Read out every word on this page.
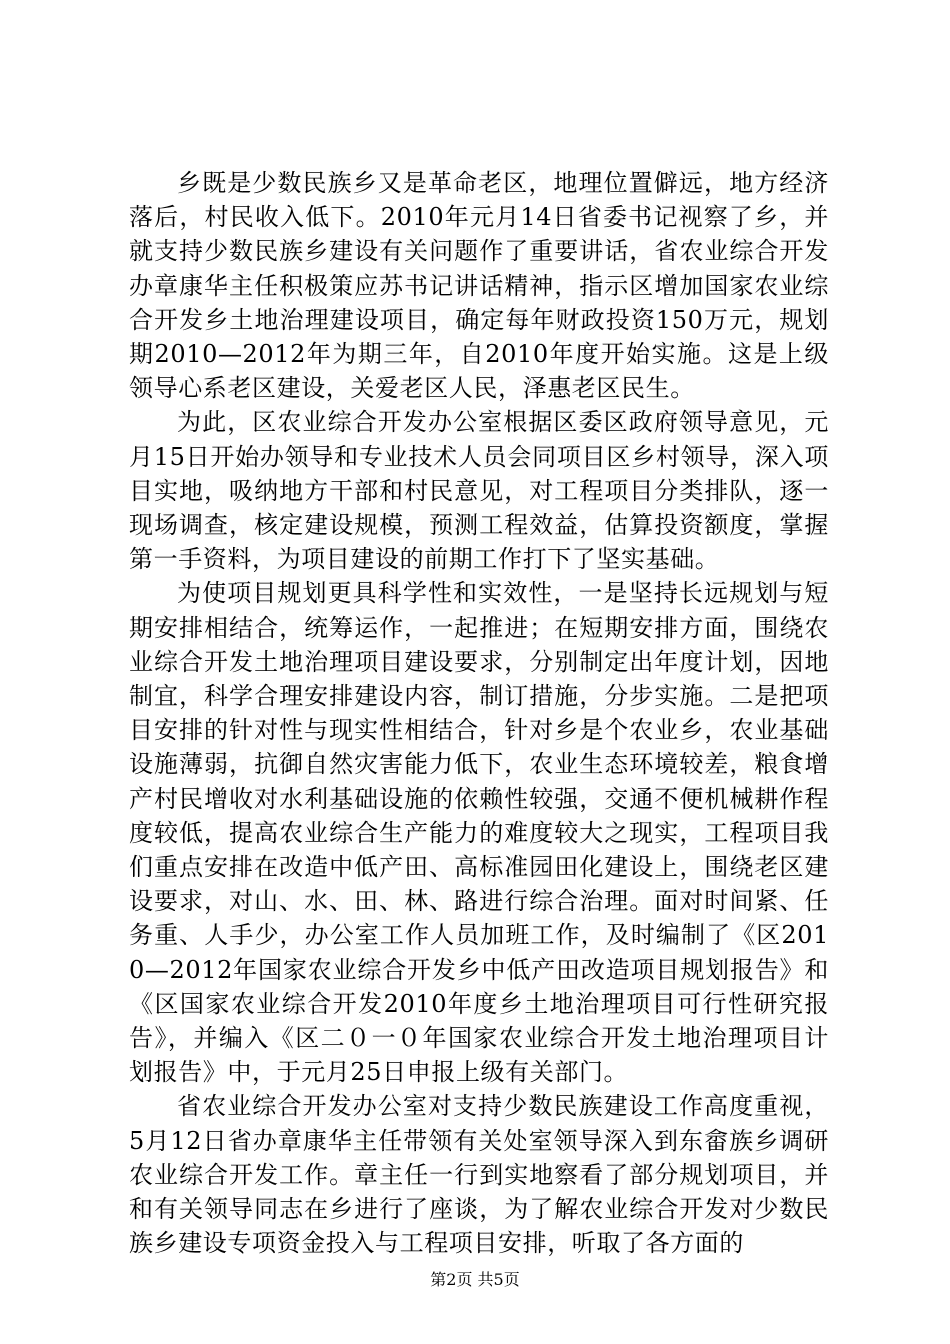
乡既是少数民族乡又是革命老区，地理位置僻远，地方经济落后，村民收入低下。2010年元月14日省委书记视察了乡，并就支持少数民族乡建设有关问题作了重要讲话，省农业综合开发办章康华主任积极策应苏书记讲话精神，指示区增加国家农业综合开发乡土地治理建设项目，确定每年财政投资150万元，规划期2010—2012年为期三年，自2010年度开始实施。这是上级领导心系老区建设，关爱老区人民，泽惠老区民生。

为此，区农业综合开发办公室根据区委区政府领导意见，元月15日开始办领导和专业技术人员会同项目区乡村领导，深入项目实地，吸纳地方干部和村民意见，对工程项目分类排队，逐一现场调查，核定建设规模，预测工程效益，估算投资额度，掌握第一手资料，为项目建设的前期工作打下了坚实基础。

为使项目规划更具科学性和实效性，一是坚持长远规划与短期安排相结合，统筹运作，一起推进；在短期安排方面，围绕农业综合开发土地治理项目建设要求，分别制定出年度计划，因地制宜，科学合理安排建设内容，制订措施，分步实施。二是把项目安排的针对性与现实性相结合，针对乡是个农业乡，农业基础设施薄弱，抗御自然灾害能力低下，农业生态环境较差，粮食增产村民增收对水利基础设施的依赖性较强，交通不便机械耕作程度较低，提高农业综合生产能力的难度较大之现实，工程项目我们重点安排在改造中低产田、高标准园田化建设上，围绕老区建设要求，对山、水、田、林、路进行综合治理。面对时间紧、任务重、人手少，办公室工作人员加班工作，及时编制了《区2010—2012年国家农业综合开发乡中低产田改造项目规划报告》和《区国家农业综合开发2010年度乡土地治理项目可行性研究报告》，并编入《区二０一０年国家农业综合开发土地治理项目计划报告》中，于元月25日申报上级有关部门。

省农业综合开发办公室对支持少数民族建设工作高度重视，5月12日省办章康华主任带领有关处室领导深入到东畲族乡调研农业综合开发工作。章主任一行到实地察看了部分规划项目，并和有关领导同志在乡进行了座谈，为了解农业综合开发对少数民族乡建设专项资金投入与工程项目安排，听取了各方面的

第2页 共5页
